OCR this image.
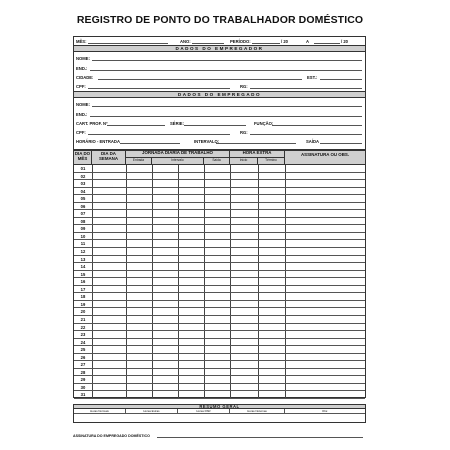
REGISTRO DE PONTO DO TRABALHADOR DOMÉSTICO
MÊS:	ANO:	PERÍODO:	/ 20	A	/ 20
DADOS DO EMPREGADOR
NOME:
END.:
CIDADE:	EST.:
CPF:	RG:
DADOS DO EMPREGADO
NOME:
END.:
CART. PROF. Nº	SÉRIE:	FUNÇÃO:
CPF:	RG:
HORÁRIO - ENTRADA	INTERVALO:	SAÍDA
DIA DO MÊS
DIA DA SEMANA
JORNADA DIÁRIA DE TRABALHO	HORA EXTRA	ASSINATURA OU OBS.
Entrada	Intervalo	Saída	Início	Término
01
02
03
04
05
06
07
08
09
10
11
12
13
14
15
16
17
18
19
20
21
22
23
24
25
26
27
28
29
30
31
RESUMO GERAL
Horas Normais	Horas Extras	Horas DSR	Horas Noturnas	Obs:
ASSINATURA DO EMPREGADO DOMÉSTICO
